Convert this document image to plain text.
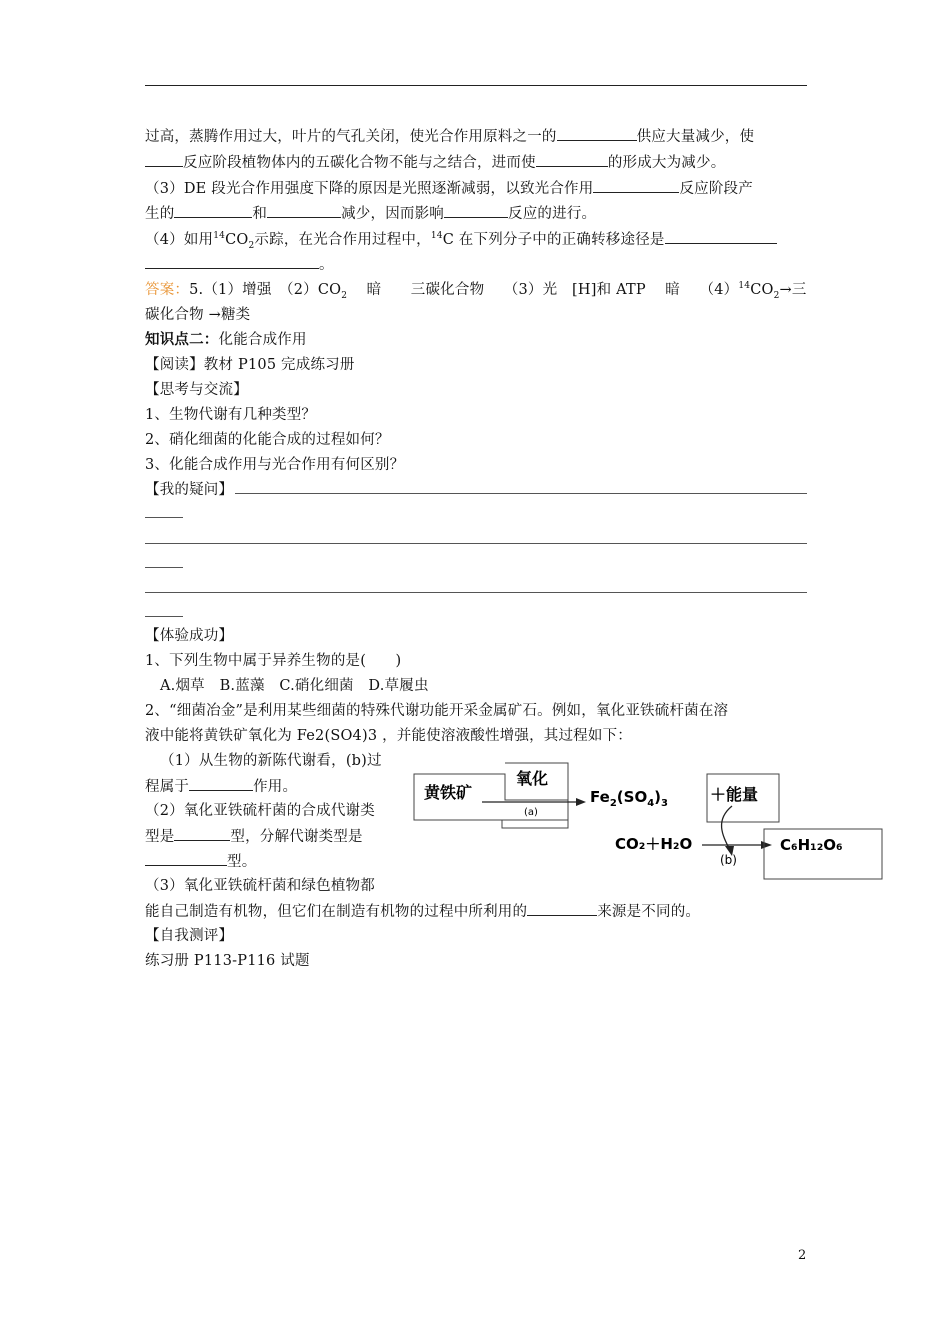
过高，蒸腾作用过大，叶片的气孔关闭，使光合作用原料之一的	供应大量减少，使
反应阶段植物体内的五碳化合物不能与之结合，进而使	的形成大为减少。
（3）DE 段光合作用强度下降的原因是光照逐渐减弱，以致光合作用	反应阶段产
生的	和	减少，因而影响	反应的进行。
（4）如用$^{14}CO_2$示踪，在光合作用过程中，$^{14}$C 在下列分子中的正确转移途径是
。
答案：5.（1）增强　$(2)CO_2$　 暗　　三碳化合物　 （3）光　[H]和 ATP　 暗　 $(4)^{14}CO_2\to$三
碳化合物 →糖类
知识点二：化能合成作用
【阅读】教材 P105 完成练习册
【思考与交流】
1、生物代谢有几种类型？
2、硝化细菌的化能合成的过程如何？
3、化能合成作用与光合作用有何区别？
【我的疑问】
【体验成功】
1、下列生物中属于异养生物的是(　　)
A.烟草　B.蓝藻　C.硝化细菌　D.草履虫
2、“细菌冶金”是利用某些细菌的特殊代谢功能开采金属矿石。例如，氧化亚铁硫杆菌在溶
液中能将黄铁矿氧化为 Fe2(SO4)3 ，并能使溶液酸性增强，其过程如下：
（1）从生物的新陈代谢看，(b)过
程属于	作用。
（2）氧化亚铁硫杆菌的合成代谢类
型是	型，分解代谢类型是
型。
（3）氧化亚铁硫杆菌和绿色植物都
能自己制造有机物，但它们在制造有机物的过程中所利用的	来源是不同的。
【自我测评】
练习册 P113-P116 试题
黄铁矿
氧化
(a)
$Fe_2(SO_4)_3$	＋能量
CO₂＋H₂O
(b)
C₆H₁₂O₆
2
